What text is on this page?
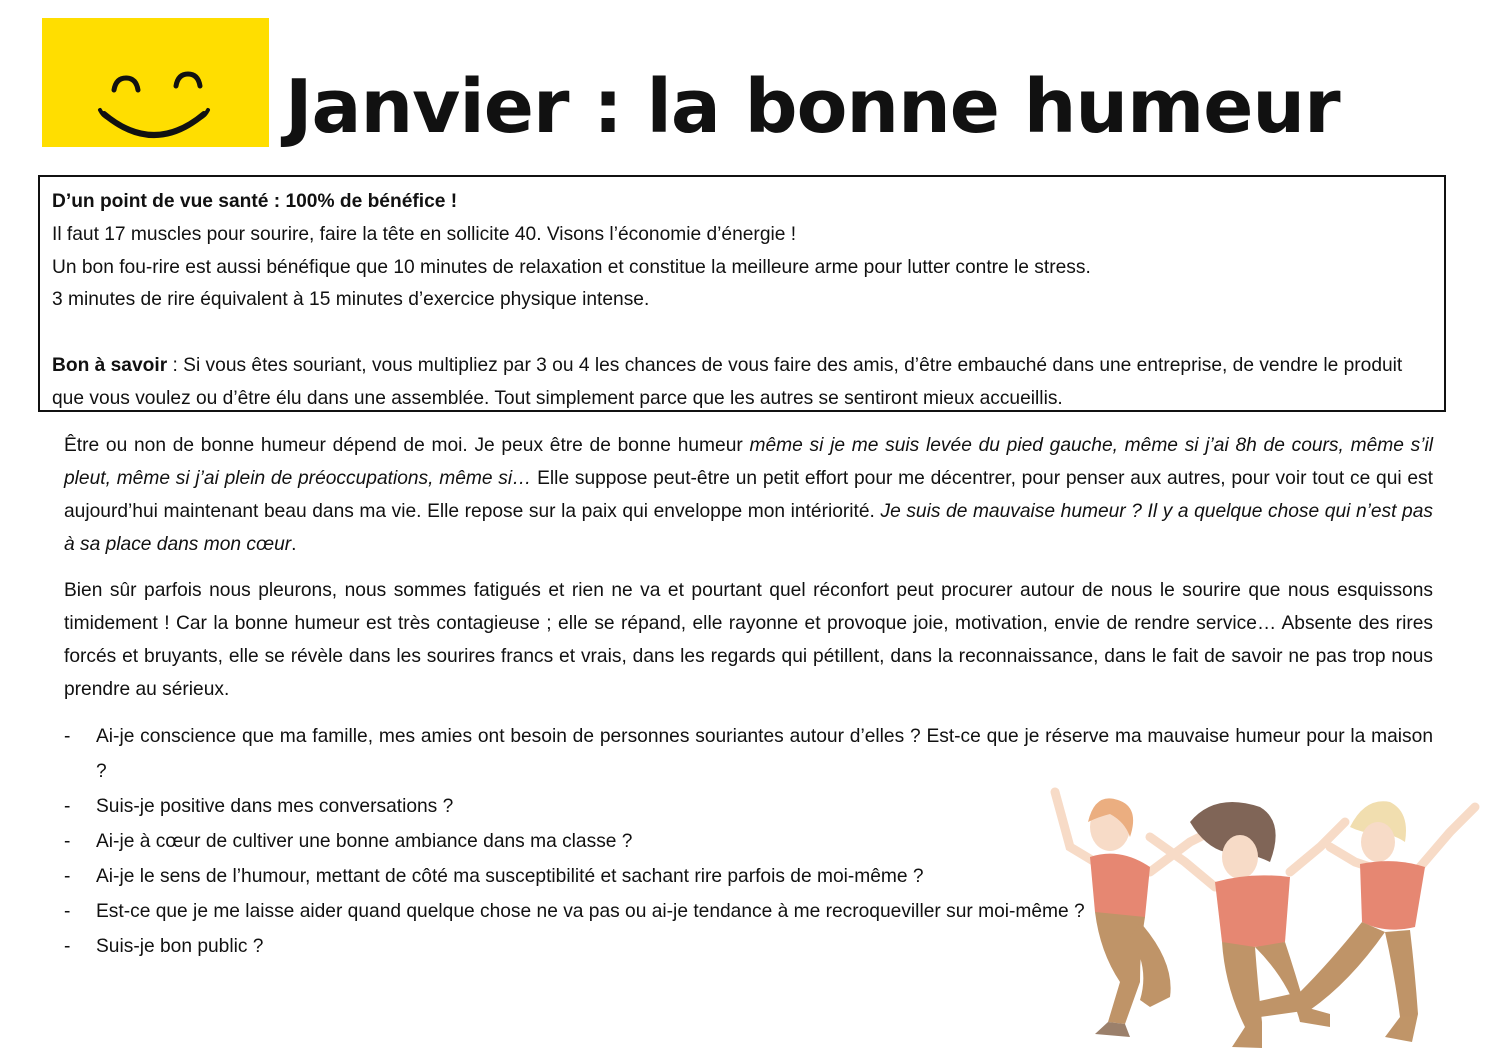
Janvier : la bonne humeur

D’un point de vue santé : 100% de bénéfice !

Il faut 17 muscles pour sourire, faire la tête en sollicite 40. Visons l’économie d’énergie !

Un bon fou-rire est aussi bénéfique que 10 minutes de relaxation et constitue la meilleure arme pour lutter contre le stress.

3 minutes de rire équivalent à 15 minutes d’exercice physique intense.

Bon à savoir : Si vous êtes souriant, vous multipliez par 3 ou 4 les chances de vous faire des amis, d’être embauché dans une entreprise, de vendre le produit que vous voulez ou d’être élu dans une assemblée. Tout simplement parce que les autres se sentiront mieux accueillis.

Être ou non de bonne humeur dépend de moi. Je peux être de bonne humeur même si je me suis levée du pied gauche, même si j’ai 8h de cours, même s’il pleut, même si j’ai plein de préoccupations, même si… Elle suppose peut-être un petit effort pour me décentrer, pour penser aux autres, pour voir tout ce qui est aujourd’hui maintenant beau dans ma vie. Elle repose sur la paix qui enveloppe mon intériorité. Je suis de mauvaise humeur ? Il y a quelque chose qui n’est pas à sa place dans mon cœur.

Bien sûr parfois nous pleurons, nous sommes fatigués et rien ne va et pourtant quel réconfort peut procurer autour de nous le sourire que nous esquissons timidement ! Car la bonne humeur est très contagieuse ; elle se répand, elle rayonne et provoque joie, motivation, envie de rendre service… Absente des rires forcés et bruyants, elle se révèle dans les sourires francs et vrais, dans les regards qui pétillent, dans la reconnaissance, dans le fait de savoir ne pas trop nous prendre au sérieux.

- Ai-je conscience que ma famille, mes amies ont besoin de personnes souriantes autour d’elles ? Est-ce que je réserve ma mauvaise humeur pour la maison ?
- Suis-je positive dans mes conversations ?
- Ai-je à cœur de cultiver une bonne ambiance dans ma classe ?
- Ai-je le sens de l’humour, mettant de côté ma susceptibilité et sachant rire parfois de moi-même ?
- Est-ce que je me laisse aider quand quelque chose ne va pas ou ai-je tendance à me recroqueviller sur moi-même ?
- Suis-je bon public ?
